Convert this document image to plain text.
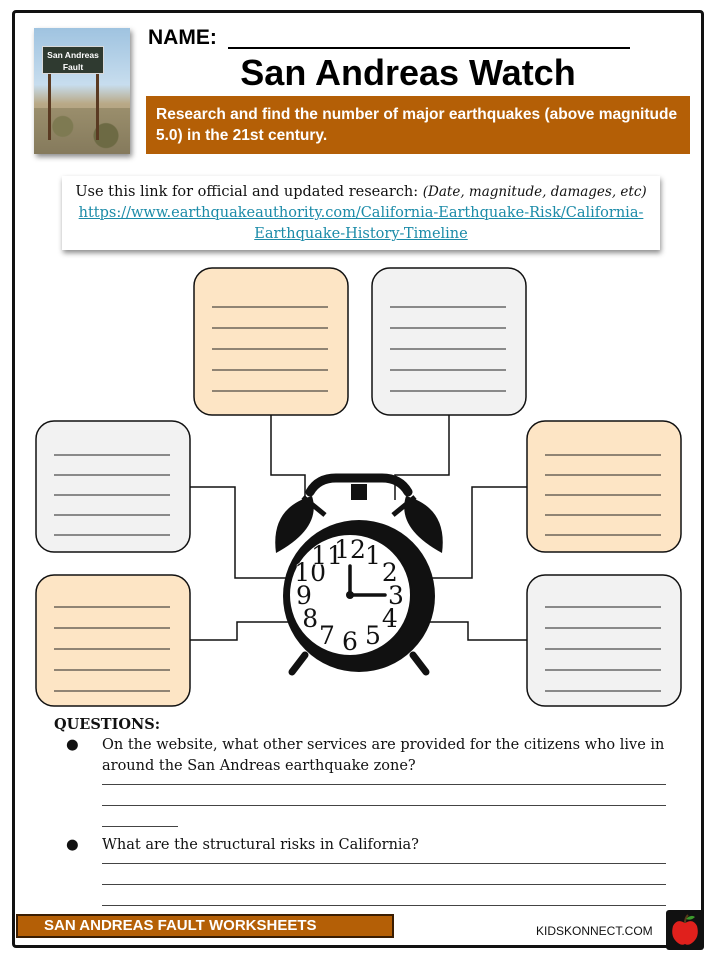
San Andreas
Fault
NAME:
San Andreas Watch
Research and find the number of major earthquakes (above magnitude 5.0) in the 21st century.
Use this link for official and updated research: (Date, magnitude, damages, etc)
https://www.earthquakeauthority.com/California-Earthquake-Risk/California-Earthquake-History-Timeline
12 1
2
3
4
5
6
7
8
9
10
11
QUESTIONS:
● On the website, what other services are provided for the citizens who live in around the San Andreas earthquake zone?
● What are the structural risks in California?
SAN ANDREAS FAULT WORKSHEETS	KIDSKONNECT.COM
